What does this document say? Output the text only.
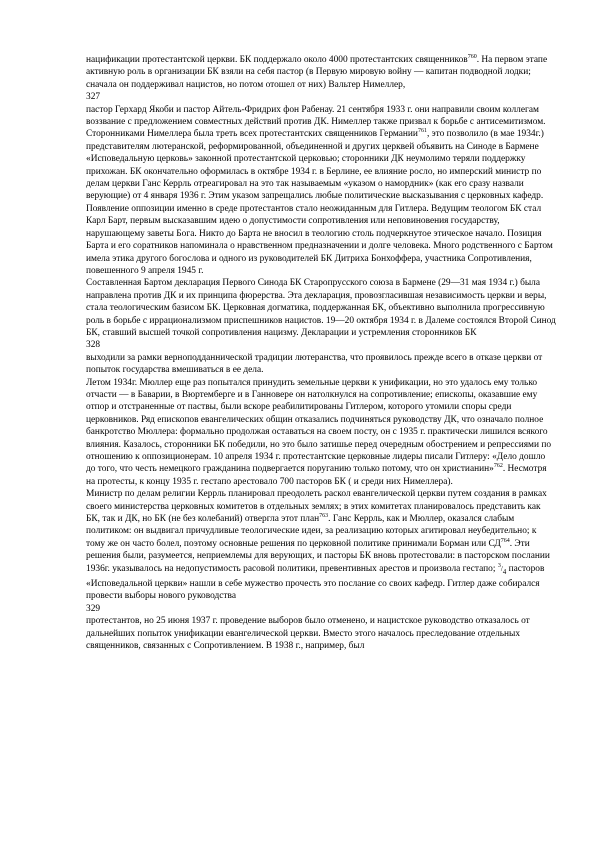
нацификации протестантской церкви. БК поддержало около 4000 протестантских священников$^{760}$. На первом этапе активную роль в организации БК взяли на себя пастор (в Первую мировую войну — капитан подводной лодки; сначала он поддерживал нацистов, но потом отошел от них) Вальтер Нимеллер,

327

пастор Герхард Якоби и пастор Айтель-Фридрих фон Рабенау. 21 сентября 1933 г. они направили своим коллегам воззвание с предложением совместных действий против ДК. Нимеллер также призвал к борьбе с антисемитизмом. Сторонниками Нимеллера была треть всех протестантских священников Германии$^{761}$, это позволило (в мае 1934г.) представителям лютеранской, реформированной, объединенной и других церквей объявить на Синоде в Бармене «Исповедальную церковь» законной протестантской церковью; сторонники ДК неумолимо теряли поддержку прихожан. БК окончательно оформилась в октябре 1934 г. в Берлине, ее влияние росло, но имперский министр по делам церкви Ганс Керрль отреагировал на это так называемым «указом о намордник» (как его сразу назвали верующие) от 4 января 1936 г. Этим указом запрещались любые политические высказывания с церковных кафедр.

Появление оппозиции именно в среде протестантов стало неожиданным для Гитлера. Ведущим теологом БК стал Карл Барт, первым высказавшим идею о допустимости сопротивления или неповиновения государству, нарушающему заветы Бога. Никто до Барта не вносил в теологию столь подчеркнутое этическое начало. Позиция Барта и его соратников напоминала о нравственном предназначении и долге человека. Много родственного с Бартом имела этика другого богослова и одного из руководителей БК Дитриха Бонхоффера, участника Сопротивления, повешенного 9 апреля 1945 г.

Составленная Бартом декларация Первого Синода БК Старопрусского союза в Бармене (29—31 мая 1934 г.) была направлена против ДК и их принципа фюрерства. Эта декларация, провозгласившая независимость церкви и веры, стала теологическим базисом БК. Церковная догматика, поддержанная БК, объективно выполнила прогрессивную роль в борьбе с иррационализмом приспешников нацистов. 19—20 октября 1934 г. в Далеме состоялся Второй Синод БК, ставший высшей точкой сопротивления нацизму. Декларации и устремления сторонников БК

328

выходили за рамки верноподданнической традиции лютеранства, что проявилось прежде всего в отказе церкви от попыток государства вмешиваться в ее дела.

Летом 1934г. Мюллер еще раз попытался принудить земельные церкви к унификации, но это удалось ему только отчасти — в Баварии, в Вюртемберге и в Ганновере он натолкнулся на сопротивление; епископы, оказавшие ему отпор и отстраненные от паствы, были вскоре реабилитированы Гитлером, которого утомили споры среди церковников. Ряд епископов евангелических общин отказались подчиняться руководству ДК, что означало полное банкротство Мюллера: формально продолжая оставаться на своем посту, он с 1935 г. практически лишился всякого влияния. Казалось, сторонники БК победили, но это было затишье перед очередным обострением и репрессиями по отношению к оппозиционерам. 10 апреля 1934 г. протестантские церковные лидеры писали Гитлеру: «Дело дошло до того, что честь немецкого гражданина подвергается поруганию только потому, что он христианин»$^{762}$. Несмотря на протесты, к концу 1935 г. гестапо арестовало 700 пасторов БК ( и среди них Нимеллера).

Министр по делам религии Керрль планировал преодолеть раскол евангелической церкви путем создания в рамках своего министерства церковных комитетов в отдельных землях; в этих комитетах планировалось представить как БК, так и ДК, но БК (не без колебаний) отвергла этот план$^{763}$. Ганс Керрль, как и Мюллер, оказался слабым политиком: он выдвигал причудливые теологические идеи, за реализацию которых агитировал неубедительно; к тому же он часто болел, поэтому основные решения по церковной политике принимали Борман или СД$^{764}$. Эти решения были, разумеется, неприемлемы для верующих, и пасторы БК вновь протестовали: в пасторском послании 1936г. указывалось на недопустимость расовой политики, превентивных арестов и произвола гестапо; $^3/_4$ пасторов «Исповедальной церкви» нашли в себе мужество прочесть это послание со своих кафедр. Гитлер даже собирался провести выборы нового руководства

329

протестантов, но 25 июня 1937 г. проведение выборов было отменено, и нацистское руководство отказалось от дальнейших попыток унификации евангелической церкви. Вместо этого началось преследование отдельных священников, связанных с Сопротивлением. В 1938 г., например, был
